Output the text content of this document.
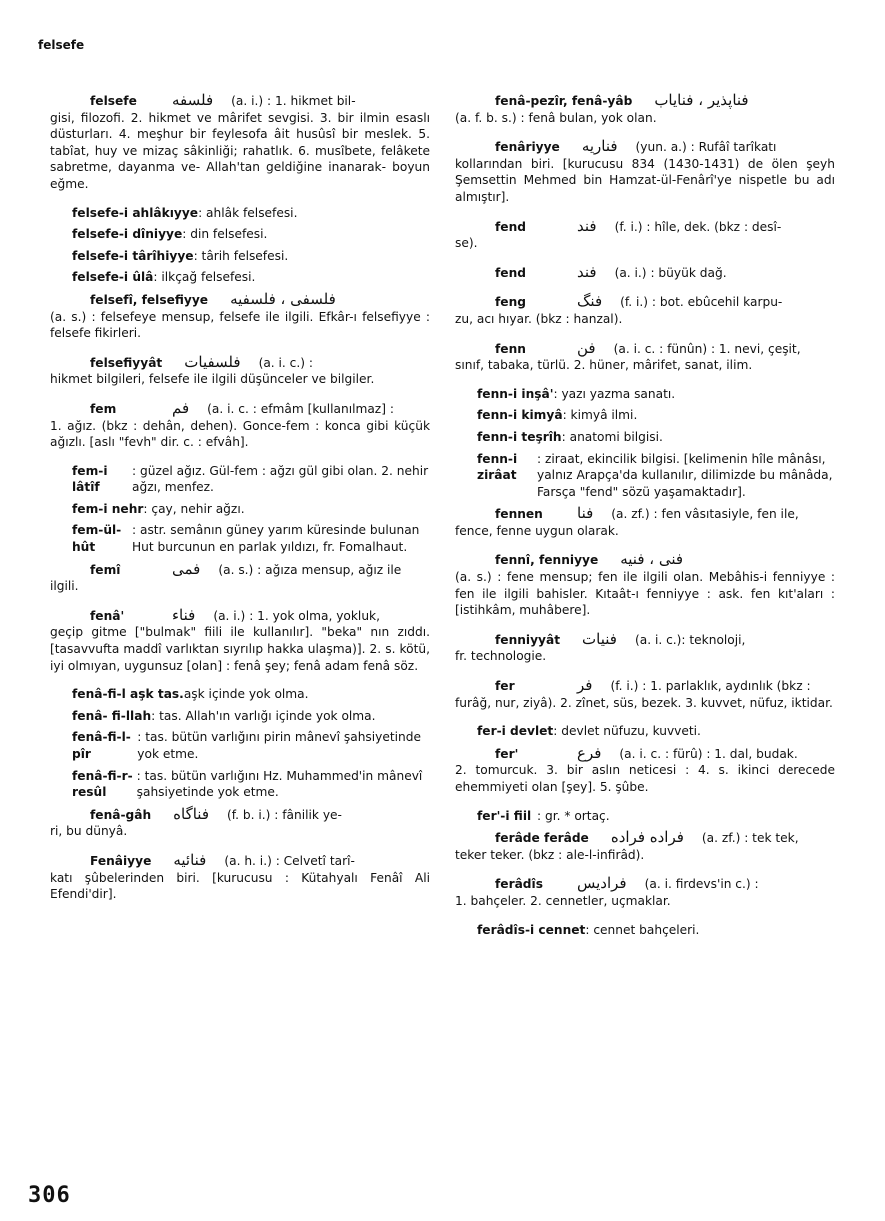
felsefe
felsefe	فلسفه (a. i.) : 1. hikmet bil-
gisi, filozofi. 2. hikmet ve mârifet sevgisi. 3. bir ilmin esaslı düsturları. 4. meşhur bir feylesofa âit husûsî bir meslek. 5. tabîat, huy ve mizaç sâkinliği; rahatlık. 6. musîbete, felâkete sabretme, dayanma ve- Allah'tan geldiğine inanarak- boyun eğme.
felsefe-i ahlâkıyye : ahlâk felsefesi.
felsefe-i dîniyye : din felsefesi.
felsefe-i târîhiyye : târih felsefesi.
felsefe-i ûlâ : ilkçağ felsefesi.
felsefî, felsefiyye فلسفى ، فلسفيه
(a. s.) : felsefeye mensup, felsefe ile ilgili. Efkâr-ı felsefiyye : felsefe fikirleri.
felsefiyyât فلسفيات (a. i. c.) :
hikmet bilgileri, felsefe ile ilgili düşünceler ve bilgiler.
fem	فم (a. i. c. : efmâm [kullanılmaz] :
1. ağız. (bkz : dehân, dehen). Gonce-fem : konca gibi küçük ağızlı. [aslı "fevh" dir. c. : efvâh].
fem-i lâtîf
: güzel ağız. Gül-fem : ağzı gül gibi olan. 2. nehir ağzı, menfez.
fem-i nehr : çay, nehir ağzı.
fem-ül-hût
: astr. semânın güney yarım küresinde bulunan Hut burcunun en parlak yıldızı, fr. Fomalhaut.
femî	فمى (a. s.) : ağıza mensup, ağız ile
ilgili.
fenâ'	فناء (a. i.) : 1. yok olma, yokluk,
geçip gitme ["bulmak" fiili ile kullanılır]. "beka" nın zıddı. [tasavvufta maddî varlıktan sıyrılıp hakka ulaşma)]. 2. s. kötü, iyi olmıyan, uygunsuz [olan] : fenâ şey; fenâ adam fenâ söz.
fenâ-fi-l aşk tas. aşk içinde yok olma.
fenâ- fi-llah : tas. Allah'ın varlığı içinde yok olma.
fenâ-fi-l-pîr
: tas. bütün varlığını pirin mânevî şahsiyetinde yok etme.
fenâ-fi-r-resûl
: tas. bütün varlığını Hz. Muhammed'in mânevî şahsiyetinde yok etme.
fenâ-gâh فناگاه (f. b. i.) : fânilik ye-
ri, bu dünyâ.
Fenâiyye فنائيه (a. h. i.) : Celvetî tarî-
katı şûbelerinden biri. [kurucusu : Kütahyalı Fenâî Ali Efendi'dir].
fenâ-pezîr, fenâ-yâb فناپذير ، فناياب
(a. f. b. s.) : fenâ bulan, yok olan.
fenâriyye فناريه (yun. a.) : Rufâî tarîkatı
kollarından biri. [kurucusu 834 (1430-1431) de ölen şeyh Şemsettin Mehmed bin Hamzat-ül-Fenârî'ye nispetle bu adı almıştır].
fend	فند (f. i.) : hîle, dek. (bkz : desî-
se).
fend	فند (a. i.) : büyük dağ.
feng	فنگ (f. i.) : bot. ebûcehil karpu-
zu, acı hıyar. (bkz : hanzal).
fenn	فن (a. i. c. : fünûn) : 1. nevi, çeşit,
sınıf, tabaka, türlü. 2. hüner, mârifet, sanat, ilim.
fenn-i inşâ' : yazı yazma sanatı.
fenn-i kimyâ : kimyâ ilmi.
fenn-i teşrîh : anatomi bilgisi.
fenn-i zirâat
: ziraat, ekincilik bilgisi. [kelimenin hîle mânâsı, yalnız Arapça'da kullanılır, dilimizde bu mânâda, Farsça "fend" sözü yaşamaktadır].
fennen	فنا (a. zf.) : fen vâsıtasiyle, fen ile,
fence, fenne uygun olarak.
fennî, fenniyye فنى ، فنيه
(a. s.) : fene mensup; fen ile ilgili olan. Mebâhis-i fenniyye : fen ile ilgili bahisler. Kıtaât-ı fenniyye : ask. fen kıt'aları : [istihkâm, muhâbere].
fenniyyât فنيات (a. i. c.): teknoloji,
fr. technologie.
fer	فر (f. i.) : 1. parlaklık, aydınlık (bkz :
furâğ, nur, ziyâ). 2. zînet, süs, bezek. 3. kuvvet, nüfuz, iktidar.
fer-i devlet : devlet nüfuzu, kuvveti.
fer'	فرع (a. i. c. : fürû) : 1. dal, budak.
2. tomurcuk. 3. bir aslın neticesi : 4. s. ikinci derecede ehemmiyeti olan [şey]. 5. şûbe.
fer'-i fiil : gr. * ortaç.
ferâde ferâde فراده فراده (a. zf.) : tek tek,
teker teker. (bkz : ale-l-infirâd).
ferâdîs	فراديس (a. i. firdevs'in c.) :
1. bahçeler. 2. cennetler, uçmaklar.
ferâdîs-i cennet : cennet bahçeleri.
306
